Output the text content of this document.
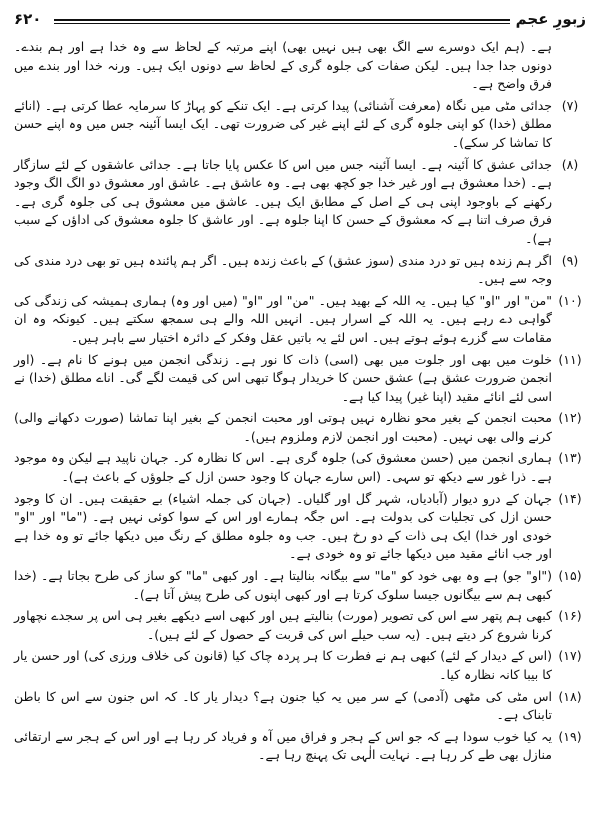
زبورِ عجم
۶۲۰
ہے۔ (ہم ایک دوسرے سے الگ بھی ہیں نہیں بھی) اپنے مرتبہ کے لحاظ سے وہ خدا ہے اور ہم بندے۔ دونوں جدا جدا ہیں۔ لیکن صفات کی جلوہ گری کے لحاظ سے دونوں ایک ہیں۔ ورنہ خدا اور بندے میں فرق واضح ہے۔
(۷)
جدائی مٹی میں نگاہ (معرفت آشنائی) پیدا کرتی ہے۔ ایک تنکے کو پہاڑ کا سرمایہ عطا کرتی ہے۔ (انائے مطلق (خدا) کو اپنی جلوہ گری کے لئے اپنے غیر کی ضرورت تھی۔ ایک ایسا آئینہ جس میں وہ اپنے حسن کا تماشا کر سکے)۔
(۸)
جدائی عشق کا آئینہ ہے۔ ایسا آئینہ جس میں اس کا عکس پایا جاتا ہے۔ جدائی عاشقوں کے لئے سازگار ہے۔ (خدا معشوق ہے اور غیر خدا جو کچھ بھی ہے۔ وہ عاشق ہے۔ عاشق اور معشوق دو الگ الگ وجود رکھنے کے باوجود اپنی ہی کے اصل کے مطابق ایک ہیں۔ عاشق میں معشوق ہی کی جلوہ گری ہے۔ فرق صرف اتنا ہے کہ معشوق کے حسن کا اپنا جلوہ ہے۔ اور عاشق کا جلوہ معشوق کی اداؤں کے سبب ہے)۔
(۹)
اگر ہم زندہ ہیں تو درد مندی (سوز عشق) کے باعث زندہ ہیں۔ اگر ہم پائندہ ہیں تو بھی درد مندی کی وجہ سے ہیں۔
(۱۰)
"من" اور "او" کیا ہیں۔ یہ اللہ کے بھید ہیں۔ "من" اور "او" (میں اور وہ) ہماری ہمیشہ کی زندگی کی گواہی دے رہے ہیں۔ یہ اللہ کے اسرار ہیں۔ انہیں اللہ والے ہی سمجھ سکتے ہیں۔ کیونکہ وہ ان مقامات سے گزرے ہوئے ہوتے ہیں۔ اس لئے یہ باتیں عقل وفکر کے دائرہ اختیار سے باہر ہیں۔
(۱۱)
خلوت میں بھی اور جلوت میں بھی (اسی) ذات کا نور ہے۔ زندگی انجمن میں ہونے کا نام ہے۔ (اور انجمن ضرورت عشق ہے) عشق حسن کا خریدار ہوگا تبھی اس کی قیمت لگے گی۔ اناے مطلق (خدا) نے اسی لئے انائے مقید (اپنا غیر) پیدا کیا ہے۔
(۱۲)
محبت انجمن کے بغیر محو نظارہ نہیں ہوتی اور محبت انجمن کے بغیر اپنا تماشا (صورت دکھانے والی) کرنے والی بھی نہیں۔ (محبت اور انجمن لازم وملزوم ہیں)۔
(۱۳)
ہماری انجمن میں (حسن معشوق کی) جلوہ گری ہے۔ اس کا نظارہ کر۔ جہان ناپید ہے لیکن وہ موجود ہے۔ ذرا غور سے دیکھ تو سہی۔ (اس سارے جہان کا وجود حسن ازل کے جلوؤں کے باعث ہے)۔
(۱۴)
جہان کے درو دیوار (آبادیاں، شہر گل اور گلیاں۔ (جہان کی جملہ اشیاء) بے حقیقت ہیں۔ ان کا وجود حسن ازل کی تجلیات کی بدولت ہے۔ اس جگہ ہمارے اور اس کے سوا کوئی نہیں ہے۔ ("ما" اور "او" خودی اور خدا) ایک ہی ذات کے دو رخ ہیں۔ جب وہ جلوہ مطلق کے رنگ میں دیکھا جائے تو وہ خدا ہے اور جب انائے مقید میں دیکھا جائے تو وہ خودی ہے۔
(۱۵)
("او" جو) ہے وہ بھی خود کو "ما" سے بیگانہ بنالیتا ہے۔ اور کبھی "ما" کو ساز کی طرح بجاتا ہے۔ (خدا کبھی ہم سے بیگانوں جیسا سلوک کرتا ہے اور کبھی اپنوں کی طرح پیش آتا ہے)۔
(۱۶)
کبھی ہم پتھر سے اس کی تصویر (مورت) بنالیتے ہیں اور کبھی اسے دیکھے بغیر ہی اس پر سجدے نچھاور کرنا شروع کر دیتے ہیں۔ (یہ سب حیلے اس کی قربت کے حصول کے لئے ہیں)۔
(۱۷)
(اس کے دیدار کے لئے) کبھی ہم نے فطرت کا ہر پردہ چاک کیا (قانون کی خلاف ورزی کی) اور حسن یار کا بیبا کانہ نظارہ کیا۔
(۱۸)
اس مٹی کی مٹھی (آدمی) کے سر میں یہ کیا جنون ہے؟ دیدار یار کا۔ کہ اس جنون سے اس کا باطن تابناک ہے۔
(۱۹)
یہ کیا خوب سودا ہے کہ جو اس کے ہجر و فراق میں آہ و فریاد کر رہا ہے اور اس کے ہجر سے ارتقائی منازل بھی طے کر رہا ہے۔ نہایت الٰہی تک پہنچ رہا ہے۔
